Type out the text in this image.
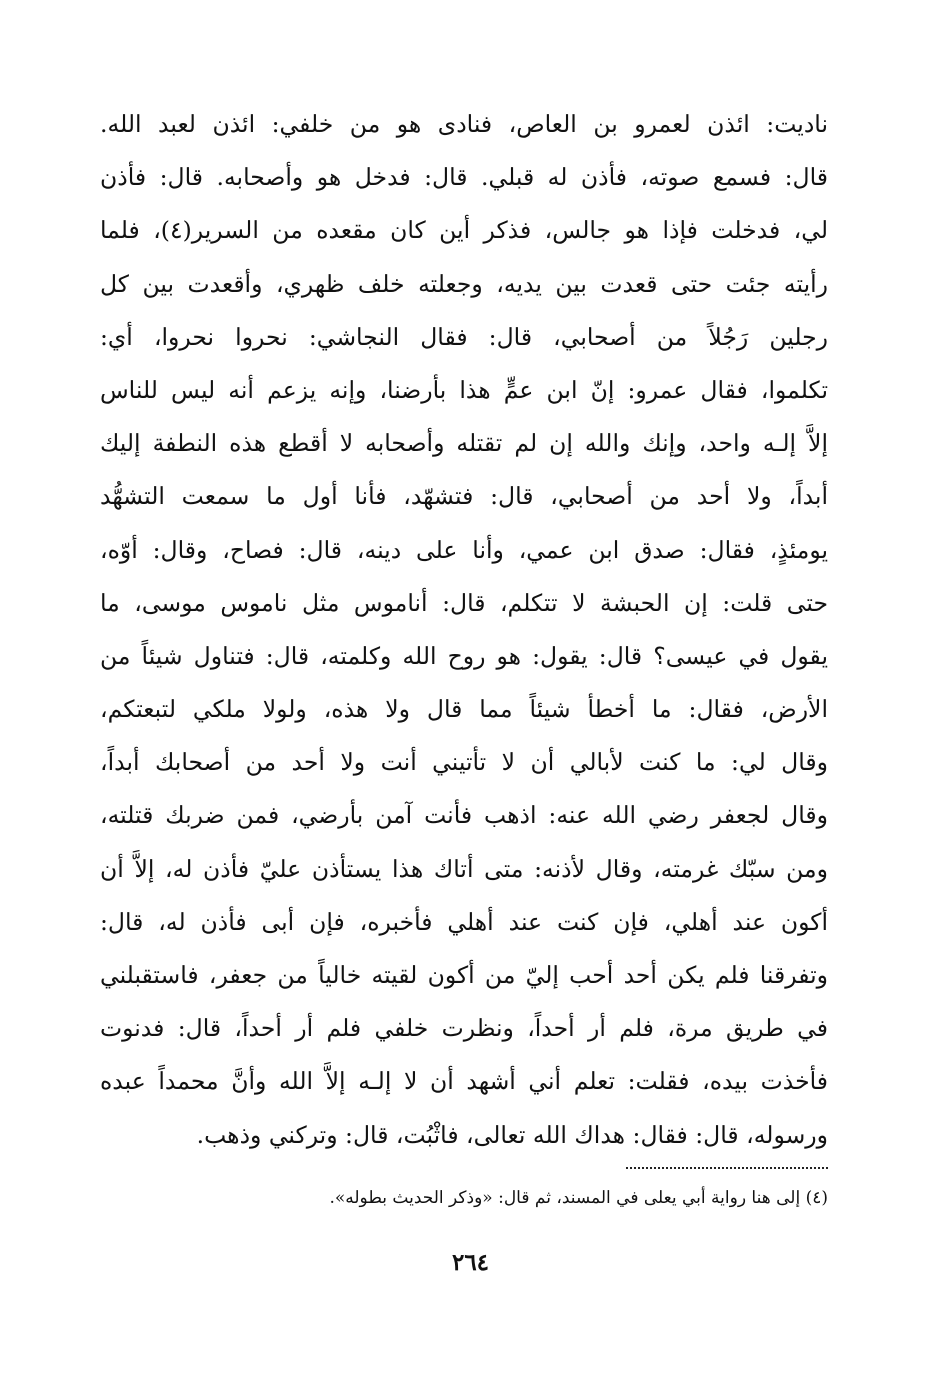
ناديت: ائذن لعمرو بن العاص، فنادى هو من خلفي: ائذن لعبد الله.
قال: فسمع صوته، فأذن له قبلي. قال: فدخل هو وأصحابه. قال: فأذن
لي، فدخلت فإذا هو جالس، فذكر أين كان مقعده من السرير(٤)، فلما
رأيته جئت حتى قعدت بين يديه، وجعلته خلف ظهري، وأقعدت بين كل
رجلين رَجُلاً من أصحابي، قال: فقال النجاشي: نحروا نحروا، أي:
تكلموا، فقال عمرو: إنّ ابن عمٍّ هذا بأرضنا، وإنه يزعم أنه ليس للناس
إلاَّ إلـه واحد، وإنك والله إن لم تقتله وأصحابه لا أقطع هذه النطفة إليك
أبداً، ولا أحد من أصحابي، قال: فتشهّد، فأنا أول ما سمعت التشهُّد
يومئذٍ، فقال: صدق ابن عمي، وأنا على دينه، قال: فصاح، وقال: أوّه،
حتى قلت: إن الحبشة لا تتكلم، قال: أناموس مثل ناموس موسى، ما
يقول في عيسى؟ قال: يقول: هو روح الله وكلمته، قال: فتناول شيئاً من
الأرض، فقال: ما أخطأ شيئاً مما قال ولا هذه، ولولا ملكي لتبعتكم،
وقال لي: ما كنت لأبالي أن لا تأتيني أنت ولا أحد من أصحابك أبداً،
وقال لجعفر رضي الله عنه: اذهب فأنت آمن بأرضي، فمن ضربك قتلته،
ومن سبّك غرمته، وقال لأذنه: متى أتاك هذا يستأذن عليّ فأذن له، إلاَّ أن
أكون عند أهلي، فإن كنت عند أهلي فأخبره، فإن أبى فأذن له، قال:
وتفرقنا فلم يكن أحد أحب إليّ من أكون لقيته خالياً من جعفر، فاستقبلني
في طريق مرة، فلم أر أحداً، ونظرت خلفي فلم أر أحداً، قال: فدنوت
فأخذت بيده، فقلت: تعلم أني أشهد أن لا إلـه إلاَّ الله وأنَّ محمداً عبده
ورسوله، قال: فقال: هداك الله تعالى، فاثْبُت، قال: وتركني وذهب.
(٤) إلى هنا رواية أبي يعلى في المسند، ثم قال: «وذكر الحديث بطوله».
٢٦٤
